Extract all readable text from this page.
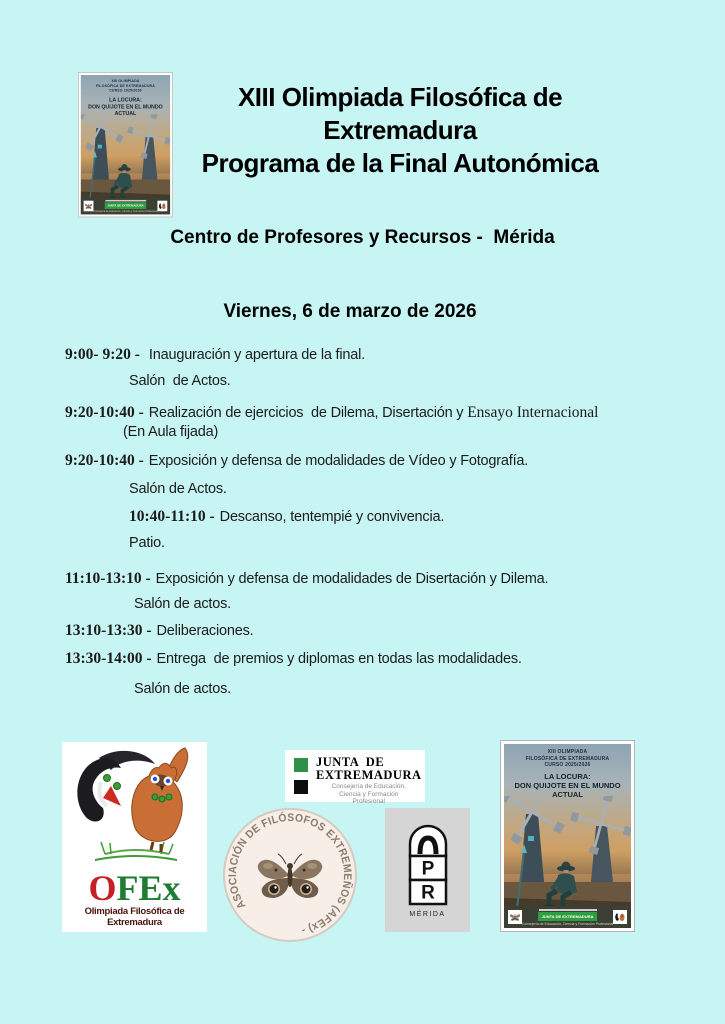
XIII OLIMPIADA
FILOSÓFICA DE EXTREMADURA
CURSO 2025/2026
LA LOCURA:
DON QUIJOTE EN EL MUNDO
ACTUAL
JUNTA DE EXTREMADURA
Consejería de Educación, Ciencia y Formación Profesional
XIII Olimpiada Filosófica de
Extremadura
Programa de la Final Autonómica
Centro de Profesores y Recursos -  Mérida
Viernes, 6 de marzo de 2026
9:00- 9:20 - Inauguración y apertura de la final.
Salón  de Actos.
9:20-10:40 - Realización de ejercicios  de Dilema, Disertación y Ensayo Internacional
(En Aula fijada)
9:20-10:40 - Exposición y defensa de modalidades de Vídeo y Fotografía.
Salón de Actos.
10:40-11:10 - Descanso, tentempié y convivencia.
Patio.
11:10-13:10 - Exposición y defensa de modalidades de Disertación y Dilema.
Salón de actos.
13:10-13:30 - Deliberaciones.
13:30-14:00 - Entrega  de premios y diplomas en todas las modalidades.
Salón de actos.
OFEx
Olimpiada Filosófica de Extremadura
JUNTA  DE
EXTREMADURA
Consejería de Educación,
Ciencia y Formación
Profesional
ASOCIACIÓN DE FILÓSOFOS EXTREMEÑOS (AFEx) -
P
R
MÉRIDA
XIII OLIMPIADA
FILOSÓFICA DE EXTREMADURA
CURSO 2025/2026
LA LOCURA:
DON QUIJOTE EN EL MUNDO
ACTUAL
JUNTA DE EXTREMADURA
Consejería de Educación, Ciencia y Formación Profesional
